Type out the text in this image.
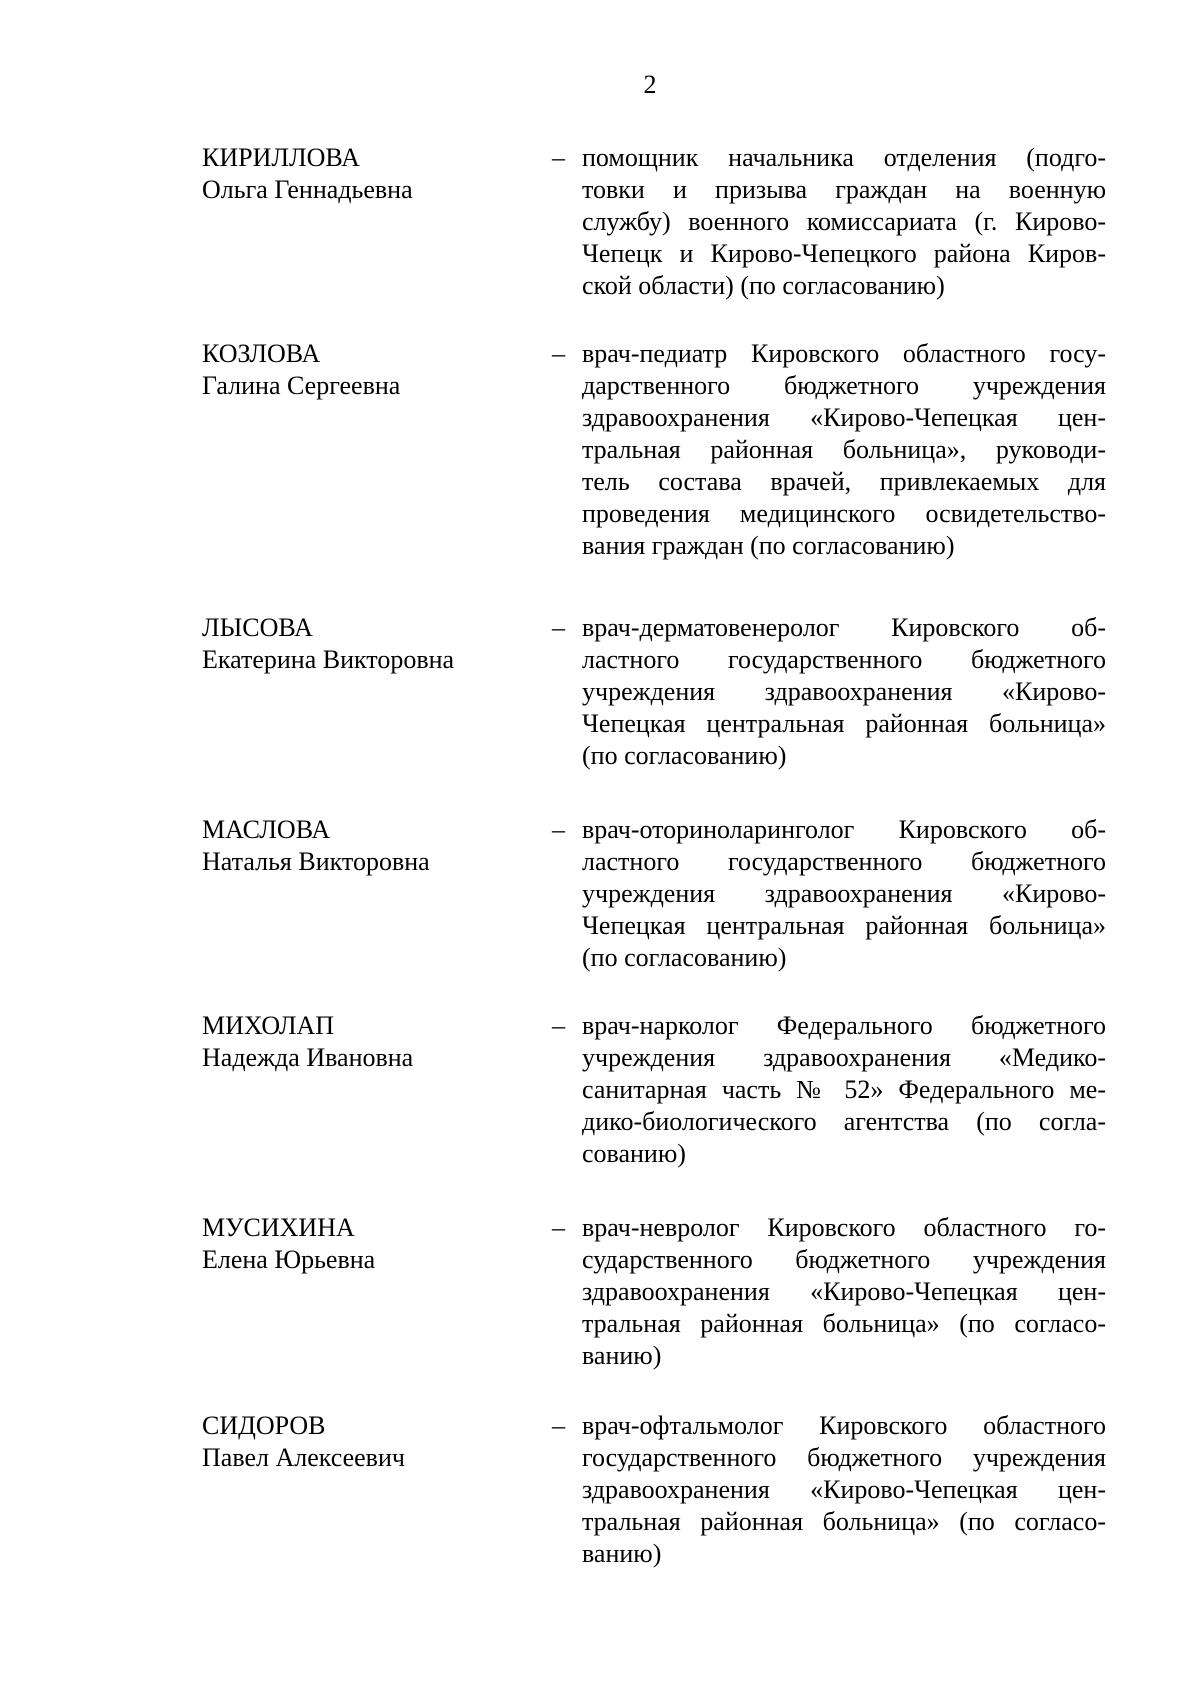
2
КИРИЛЛОВА
Ольга Геннадьевна
– помощник начальника отделения (подго-
товки и призыва граждан на военную
службу) военного комиссариата (г. Кирово-
Чепецк и Кирово-Чепецкого района Киров-
ской области) (по согласованию)
КОЗЛОВА
Галина Сергеевна
– врач-педиатр Кировского областного госу-
дарственного бюджетного учреждения
здравоохранения «Кирово-Чепецкая цен-
тральная районная больница», руководи-
тель состава врачей, привлекаемых для
проведения медицинского освидетельство-
вания граждан (по согласованию)
ЛЫСОВА
Екатерина Викторовна
– врач-дерматовенеролог Кировского об-
ластного государственного бюджетного
учреждения здравоохранения «Кирово-
Чепецкая центральная районная больница»
(по согласованию)
МАСЛОВА
Наталья Викторовна
– врач-оториноларинголог Кировского об-
ластного государственного бюджетного
учреждения здравоохранения «Кирово-
Чепецкая центральная районная больница»
(по согласованию)
МИХОЛАП
Надежда Ивановна
– врач-нарколог Федерального бюджетного
учреждения здравоохранения «Медико-
санитарная часть № 52» Федерального ме-
дико-биологического агентства (по согла-
сованию)
МУСИХИНА
Елена Юрьевна
– врач-невролог Кировского областного го-
сударственного бюджетного учреждения
здравоохранения «Кирово-Чепецкая цен-
тральная районная больница» (по согласо-
ванию)
СИДОРОВ
Павел Алексеевич
– врач-офтальмолог Кировского областного
государственного бюджетного учреждения
здравоохранения «Кирово-Чепецкая цен-
тральная районная больница» (по согласо-
ванию)
